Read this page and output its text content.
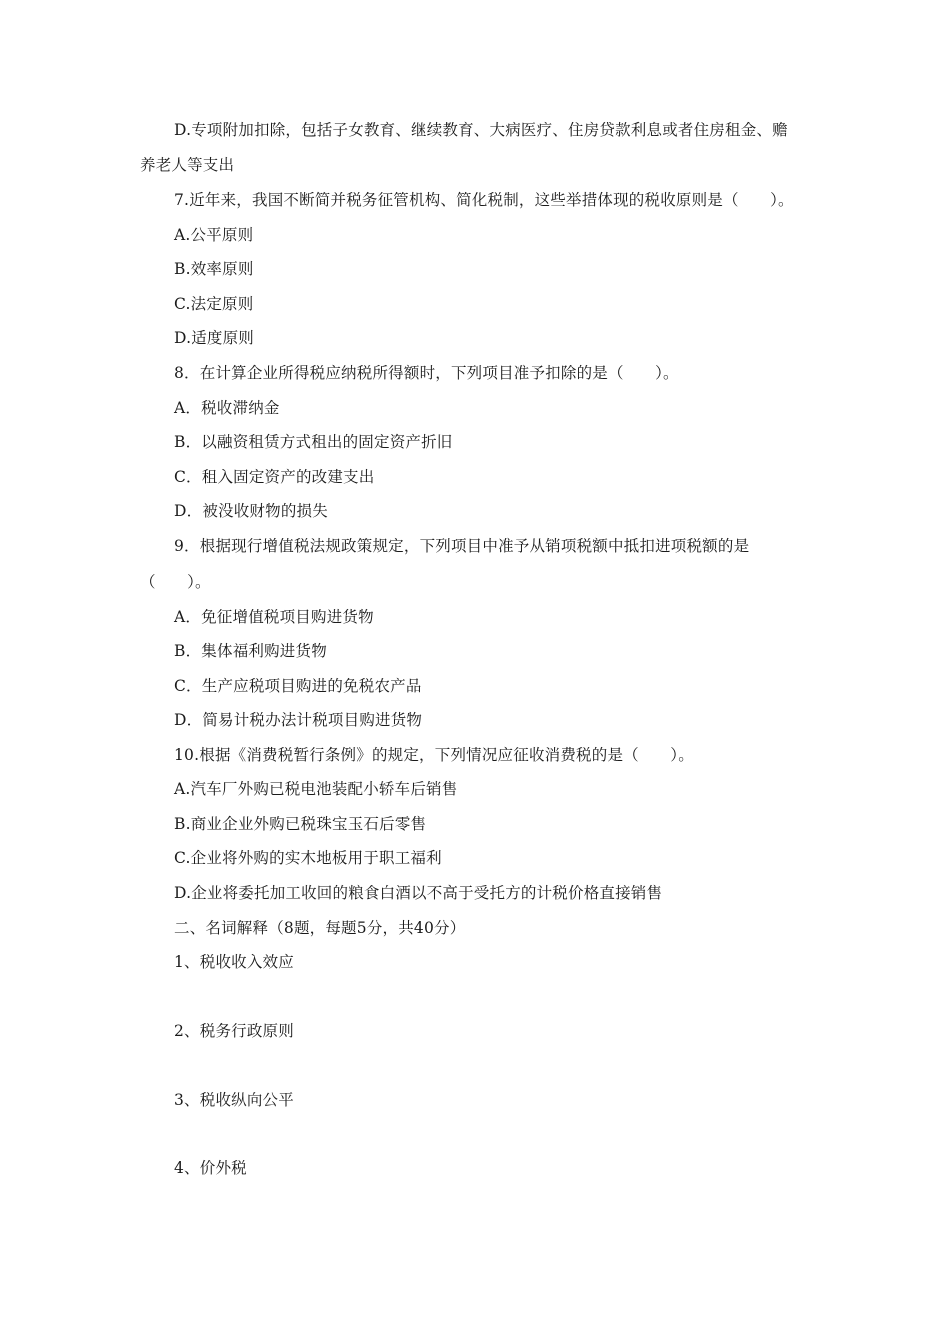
D.专项附加扣除，包括子女教育、继续教育、大病医疗、住房贷款利息或者住房租金、赡
养老人等支出
7.近年来，我国不断简并税务征管机构、简化税制，这些举措体现的税收原则是（　　）。
A.公平原则
B.效率原则
C.法定原则
D.适度原则
8．在计算企业所得税应纳税所得额时，下列项目准予扣除的是（　　）。
A．税收滞纳金
B．以融资租赁方式租出的固定资产折旧
C．租入固定资产的改建支出
D．被没收财物的损失
9．根据现行增值税法规政策规定，下列项目中准予从销项税额中抵扣进项税额的是
（　　）。
A．免征增值税项目购进货物
B．集体福利购进货物
C．生产应税项目购进的免税农产品
D．简易计税办法计税项目购进货物
10.根据《消费税暂行条例》的规定，下列情况应征收消费税的是（　　）。
A.汽车厂外购已税电池装配小轿车后销售
B.商业企业外购已税珠宝玉石后零售
C.企业将外购的实木地板用于职工福利
D.企业将委托加工收回的粮食白酒以不高于受托方的计税价格直接销售
二、名词解释（8题，每题5分，共40分）
1、税收收入效应
2、税务行政原则
3、税收纵向公平
4、价外税
